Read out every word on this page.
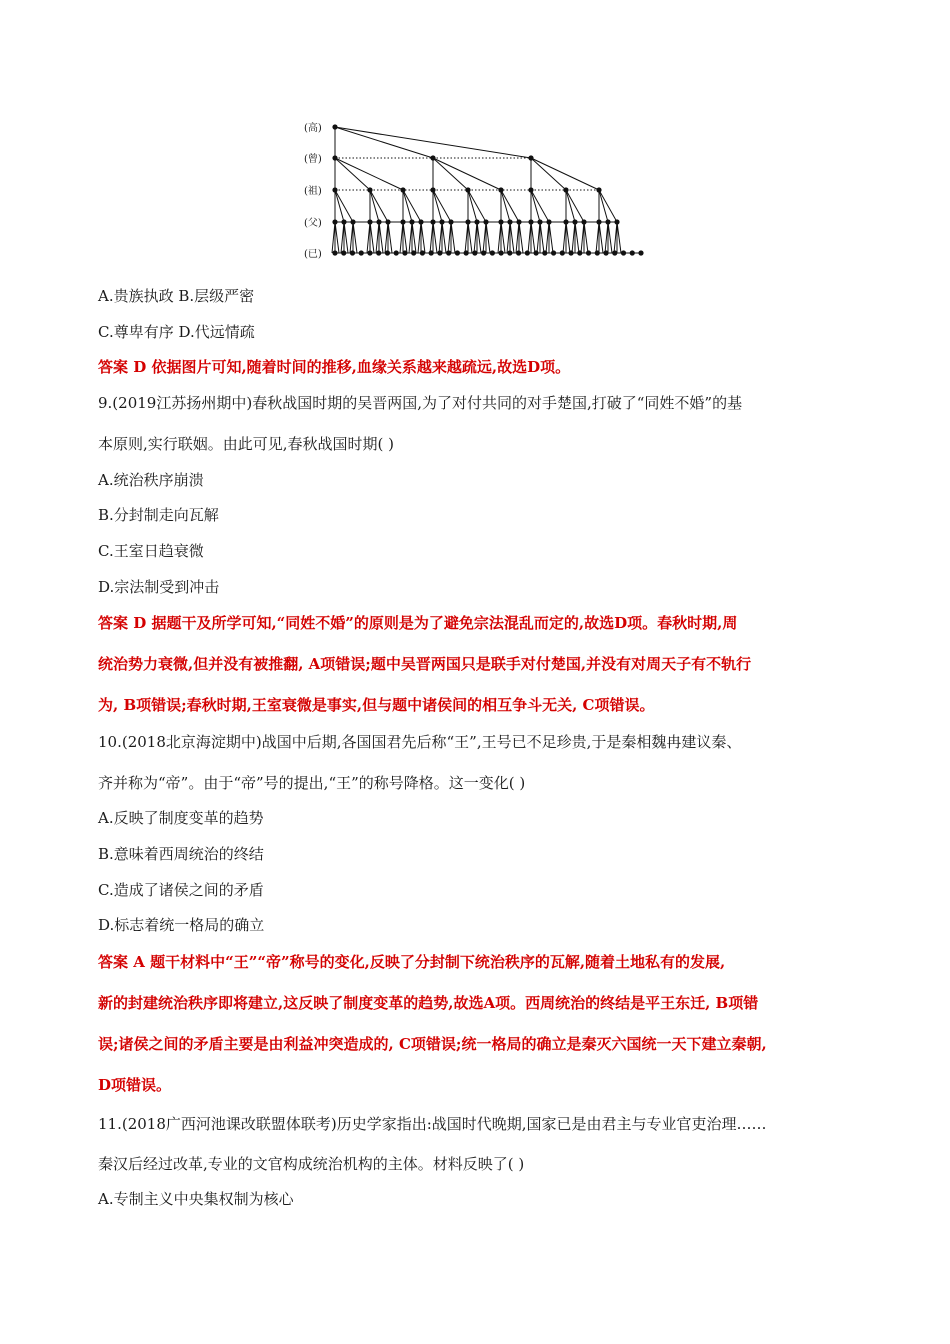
(高)
(曾)
(祖)
(父)
(已)
A.贵族执政 B.层级严密
C.尊卑有序 D.代远情疏
答案 D 依据图片可知,随着时间的推移,血缘关系越来越疏远,故选D项。
9.(2019江苏扬州期中)春秋战国时期的吴晋两国,为了对付共同的对手楚国,打破了“同姓不婚”的基
本原则,实行联姻。由此可见,春秋战国时期( )
A.统治秩序崩溃
B.分封制走向瓦解
C.王室日趋衰微
D.宗法制受到冲击
答案 D 据题干及所学可知,“同姓不婚”的原则是为了避免宗法混乱而定的,故选D项。春秋时期,周
统治势力衰微,但并没有被推翻, A项错误;题中吴晋两国只是联手对付楚国,并没有对周天子有不轨行
为, B项错误;春秋时期,王室衰微是事实,但与题中诸侯间的相互争斗无关, C项错误。
10.(2018北京海淀期中)战国中后期,各国国君先后称“王”,王号已不足珍贵,于是秦相魏冉建议秦、
齐并称为“帝”。由于“帝”号的提出,“王”的称号降格。这一变化( )
A.反映了制度变革的趋势
B.意味着西周统治的终结
C.造成了诸侯之间的矛盾
D.标志着统一格局的确立
答案 A 题干材料中“王”“帝”称号的变化,反映了分封制下统治秩序的瓦解,随着土地私有的发展,
新的封建统治秩序即将建立,这反映了制度变革的趋势,故选A项。西周统治的终结是平王东迁, B项错
误;诸侯之间的矛盾主要是由利益冲突造成的, C项错误;统一格局的确立是秦灭六国统一天下建立秦朝,
D项错误。
11.(2018广西河池课改联盟体联考)历史学家指出:战国时代晚期,国家已是由君主与专业官吏治理……
秦汉后经过改革,专业的文官构成统治机构的主体。材料反映了( )
A.专制主义中央集权制为核心
